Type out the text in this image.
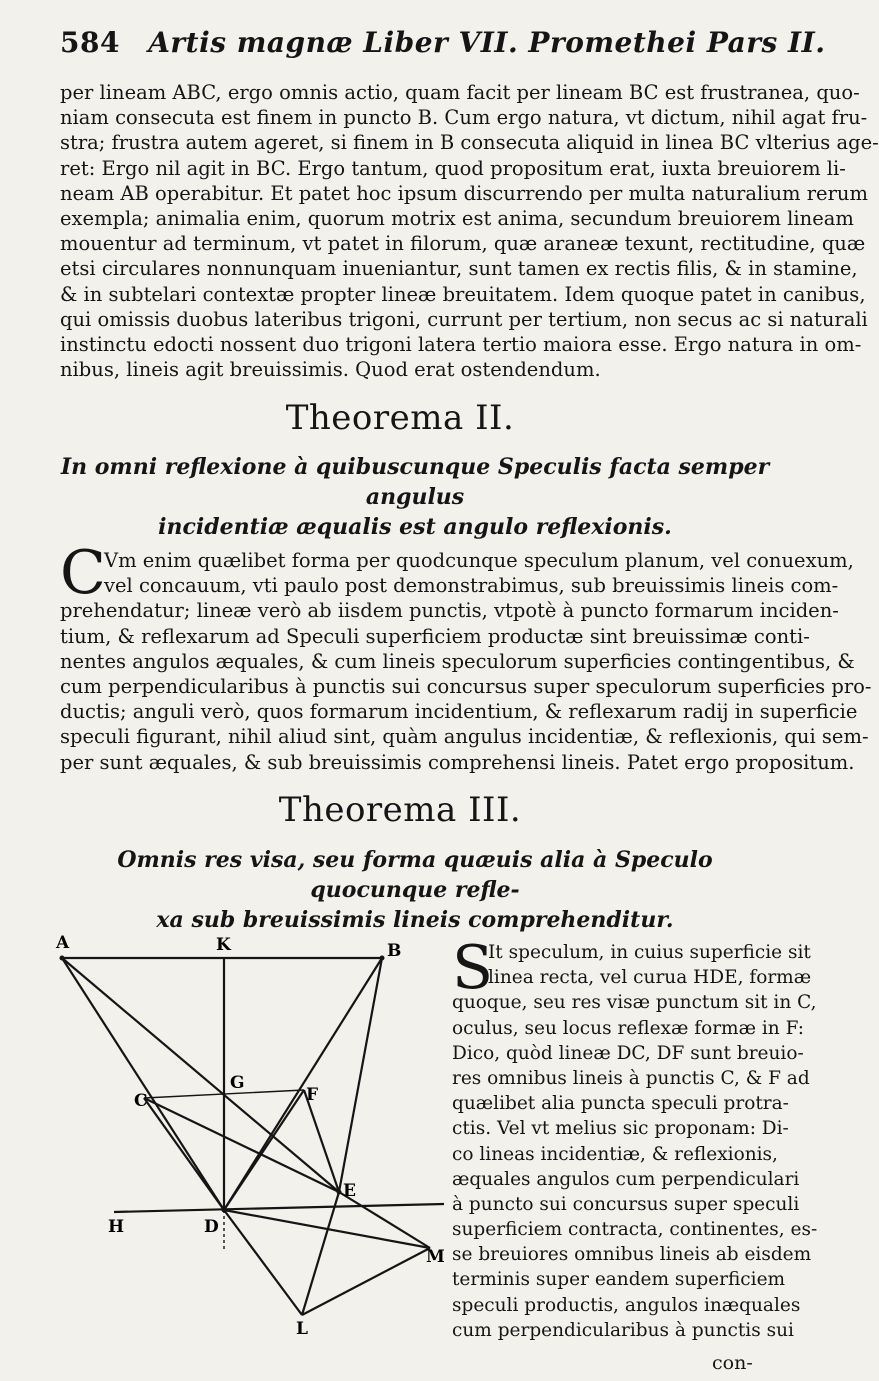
584 Artis magnæ Liber VII. Promethei Pars II.
per lineam ABC, ergo omnis actio, quam facit per lineam BC est frustranea, quo-
niam consecuta est finem in puncto B. Cum ergo natura, vt dictum, nihil agat fru-
stra; frustra autem ageret, si finem in B consecuta aliquid in linea BC vlterius age-
ret: Ergo nil agit in BC. Ergo tantum, quod propositum erat, iuxta breuiorem li-
neam AB operabitur. Et patet hoc ipsum discurrendo per multa naturalium rerum
exempla; animalia enim, quorum motrix est anima, secundum breuiorem lineam
mouentur ad terminum, vt patet in filorum, quæ araneæ texunt, rectitudine, quæ
etsi circulares nonnunquam inueniantur, sunt tamen ex rectis filis, & in stamine,
& in subtelari contextæ propter lineæ breuitatem. Idem quoque patet in canibus,
qui omissis duobus lateribus trigoni, currunt per tertium, non secus ac si naturali
instinctu edocti nossent duo trigoni latera tertio maiora esse. Ergo natura in om-
nibus, lineis agit breuissimis. Quod erat ostendendum.
Theorema II.
In omni reflexione à quibuscunque Speculis facta semper angulus
incidentiæ æqualis est angulo reflexionis.
C
Vm enim quælibet forma per quodcunque speculum planum, vel conuexum,
vel concauum, vti paulo post demonstrabimus, sub breuissimis lineis com-
prehendatur; lineæ verò ab iisdem punctis, vtpotè à puncto formarum inciden-
tium, & reflexarum ad Speculi superficiem productæ sint breuissimæ conti-
nentes angulos æquales, & cum lineis speculorum superficies contingentibus, &
cum perpendicularibus à punctis sui concursus super speculorum superficies pro-
ductis; anguli verò, quos formarum incidentium, & reflexarum radij in superficie
speculi figurant, nihil aliud sint, quàm angulus incidentiæ, & reflexionis, qui sem-
per sunt æquales, & sub breuissimis comprehensi lineis. Patet ergo propositum.
Theorema III.
Omnis res visa, seu forma quæuis alia à Speculo quocunque refle-
xa sub breuissimis lineis comprehenditur.
A	K	B
C
G
F
E
H	D
M
L
S
It speculum, in cuius superficie sit
linea recta, vel curua HDE, formæ
quoque, seu res visæ punctum sit in C,
oculus, seu locus reflexæ formæ in F:
Dico, quòd lineæ DC, DF sunt breuio-
res omnibus lineis à punctis C, & F ad
quælibet alia puncta speculi protra-
ctis. Vel vt melius sic proponam: Di-
co lineas incidentiæ, & reflexionis,
æquales angulos cum perpendiculari
à puncto sui concursus super speculi
superficiem contracta, continentes, es-
se breuiores omnibus lineis ab eisdem
terminis super eandem superficiem
speculi productis, angulos inæquales
cum perpendicularibus à punctis sui
con-
